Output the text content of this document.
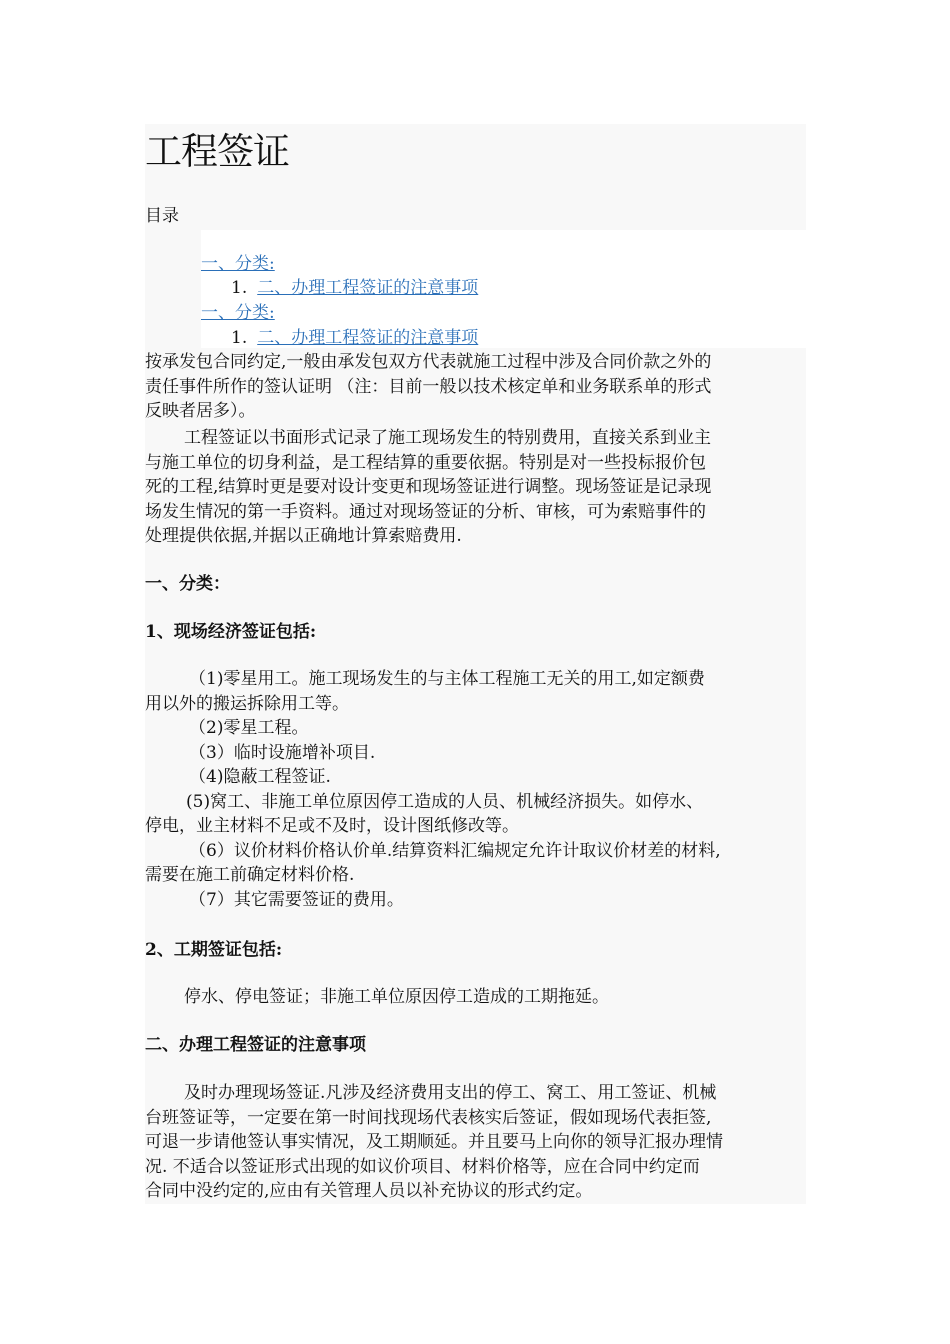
工程签证
目录
一、分类:
1. 二、办理工程签证的注意事项
一、分类:
1. 二、办理工程签证的注意事项
按承发包合同约定,一般由承发包双方代表就施工过程中涉及合同价款之外的
责任事件所作的签认证明 （注：目前一般以技术核定单和业务联系单的形式
反映者居多）。
工程签证以书面形式记录了施工现场发生的特别费用，直接关系到业主
与施工单位的切身利益，是工程结算的重要依据。特别是对一些投标报价包
死的工程,结算时更是要对设计变更和现场签证进行调整。现场签证是记录现
场发生情况的第一手资料。通过对现场签证的分析、审核，可为索赔事件的
处理提供依据,并据以正确地计算索赔费用.
一、分类：
1、现场经济签证包括:
（1)零星用工。施工现场发生的与主体工程施工无关的用工,如定额费
用以外的搬运拆除用工等。
（2)零星工程。
（3）临时设施增补项目.
（4)隐蔽工程签证.
(5)窝工、非施工单位原因停工造成的人员、机械经济损失。如停水、
停电，业主材料不足或不及时，设计图纸修改等。
（6）议价材料价格认价单.结算资料汇编规定允许计取议价材差的材料,
需要在施工前确定材料价格.
（7）其它需要签证的费用。
2、工期签证包括:
停水、停电签证；非施工单位原因停工造成的工期拖延。
二、办理工程签证的注意事项
及时办理现场签证.凡涉及经济费用支出的停工、窝工、用工签证、机械
台班签证等，一定要在第一时间找现场代表核实后签证，假如现场代表拒签,
可退一步请他签认事实情况，及工期顺延。并且要马上向你的领导汇报办理情
况. 不适合以签证形式出现的如议价项目、材料价格等，应在合同中约定而
合同中没约定的,应由有关管理人员以补充协议的形式约定。
